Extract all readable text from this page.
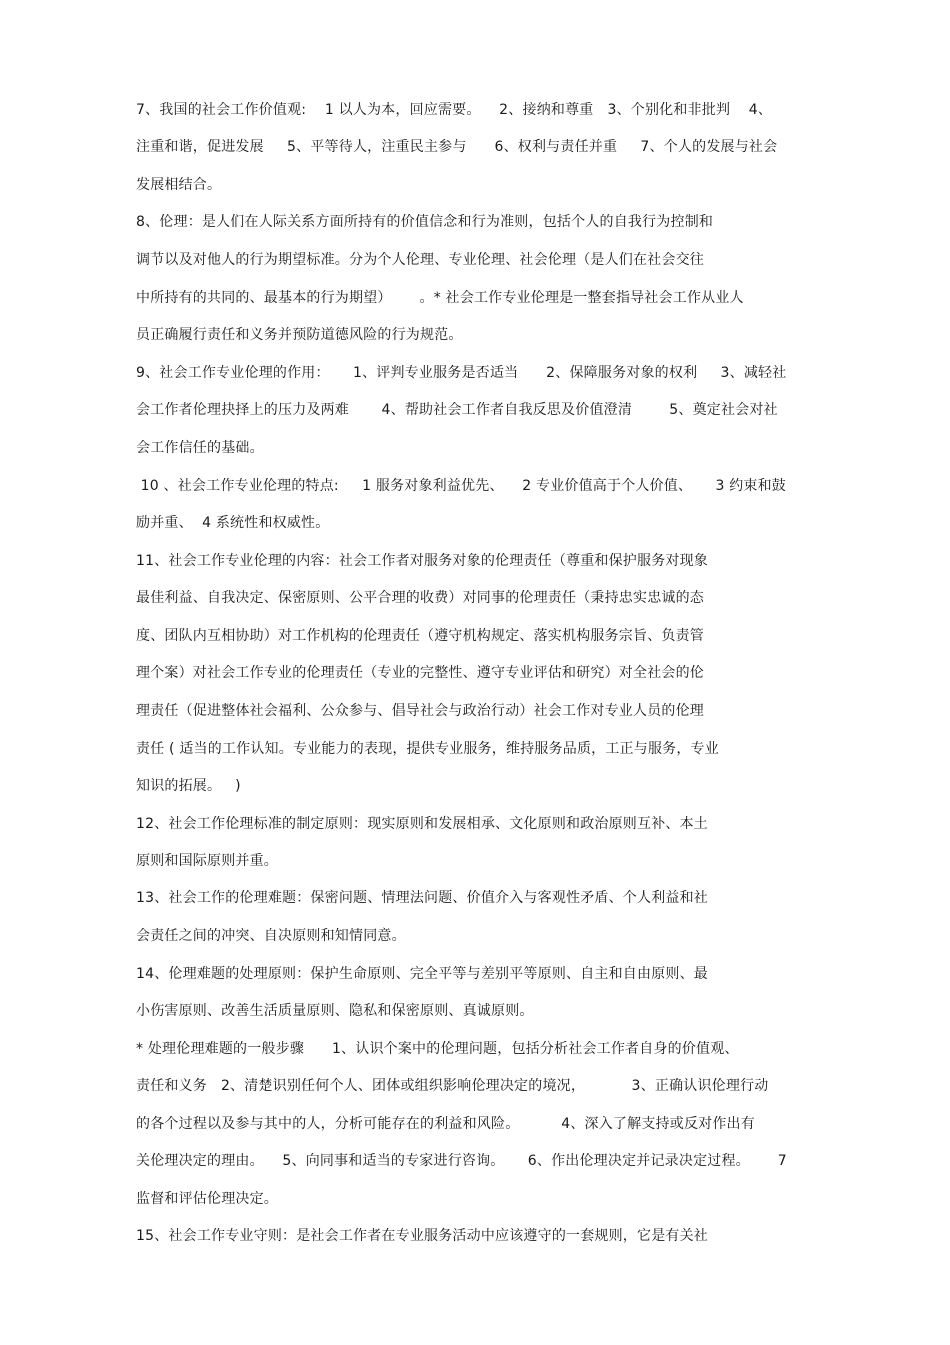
7、我国的社会工作价值观:    1 以人为本，回应需要。    2、接纳和尊重   3、个别化和非批判    4、
注重和谐，促进发展     5、平等待人，注重民主参与      6、权利与责任并重     7、个人的发展与社会
发展相结合。
8、伦理：是人们在人际关系方面所持有的价值信念和行为准则，包括个人的自我行为控制和
调节以及对他人的行为期望标准。分为个人伦理、专业伦理、社会伦理（是人们在社会交往
中所持有的共同的、最基本的行为期望）      。* 社会工作专业伦理是一整套指导社会工作从业人
员正确履行责任和义务并预防道德风险的行为规范。
9、社会工作专业伦理的作用：     1、评判专业服务是否适当      2、保障服务对象的权利     3、减轻社
会工作者伦理抉择上的压力及两难       4、帮助社会工作者自我反思及价值澄清        5、奠定社会对社
会工作信任的基础。
10 、社会工作专业伦理的特点:     1 服务对象利益优先、    2 专业价值高于个人价值、     3 约束和鼓
励并重、  4 系统性和权威性。
11、社会工作专业伦理的内容：社会工作者对服务对象的伦理责任（尊重和保护服务对现象
最佳利益、自我决定、保密原则、公平合理的收费）对同事的伦理责任（秉持忠实忠诚的态
度、团队内互相协助）对工作机构的伦理责任（遵守机构规定、落实机构服务宗旨、负责管
理个案）对社会工作专业的伦理责任（专业的完整性、遵守专业评估和研究）对全社会的伦
理责任（促进整体社会福利、公众参与、倡导社会与政治行动）社会工作对专业人员的伦理
责任 ( 适当的工作认知。专业能力的表现，提供专业服务，维持服务品质，工正与服务，专业
知识的拓展。   )
12、社会工作伦理标准的制定原则：现实原则和发展相承、文化原则和政治原则互补、本土
原则和国际原则并重。
13、社会工作的伦理难题：保密问题、情理法问题、价值介入与客观性矛盾、个人利益和社
会责任之间的冲突、自决原则和知情同意。
14、伦理难题的处理原则：保护生命原则、完全平等与差别平等原则、自主和自由原则、最
小伤害原则、改善生活质量原则、隐私和保密原则、真诚原则。
* 处理伦理难题的一般步骤      1、认识个案中的伦理问题，包括分析社会工作者自身的价值观、
责任和义务   2、清楚识别任何个人、团体或组织影响伦理决定的境况，          3、正确认识伦理行动
的各个过程以及参与其中的人，分析可能存在的利益和风险。         4、深入了解支持或反对作出有
关伦理决定的理由。    5、向同事和适当的专家进行咨询。     6、作出伦理决定并记录决定过程。      7
监督和评估伦理决定。
15、社会工作专业守则：是社会工作者在专业服务活动中应该遵守的一套规则，它是有关社
